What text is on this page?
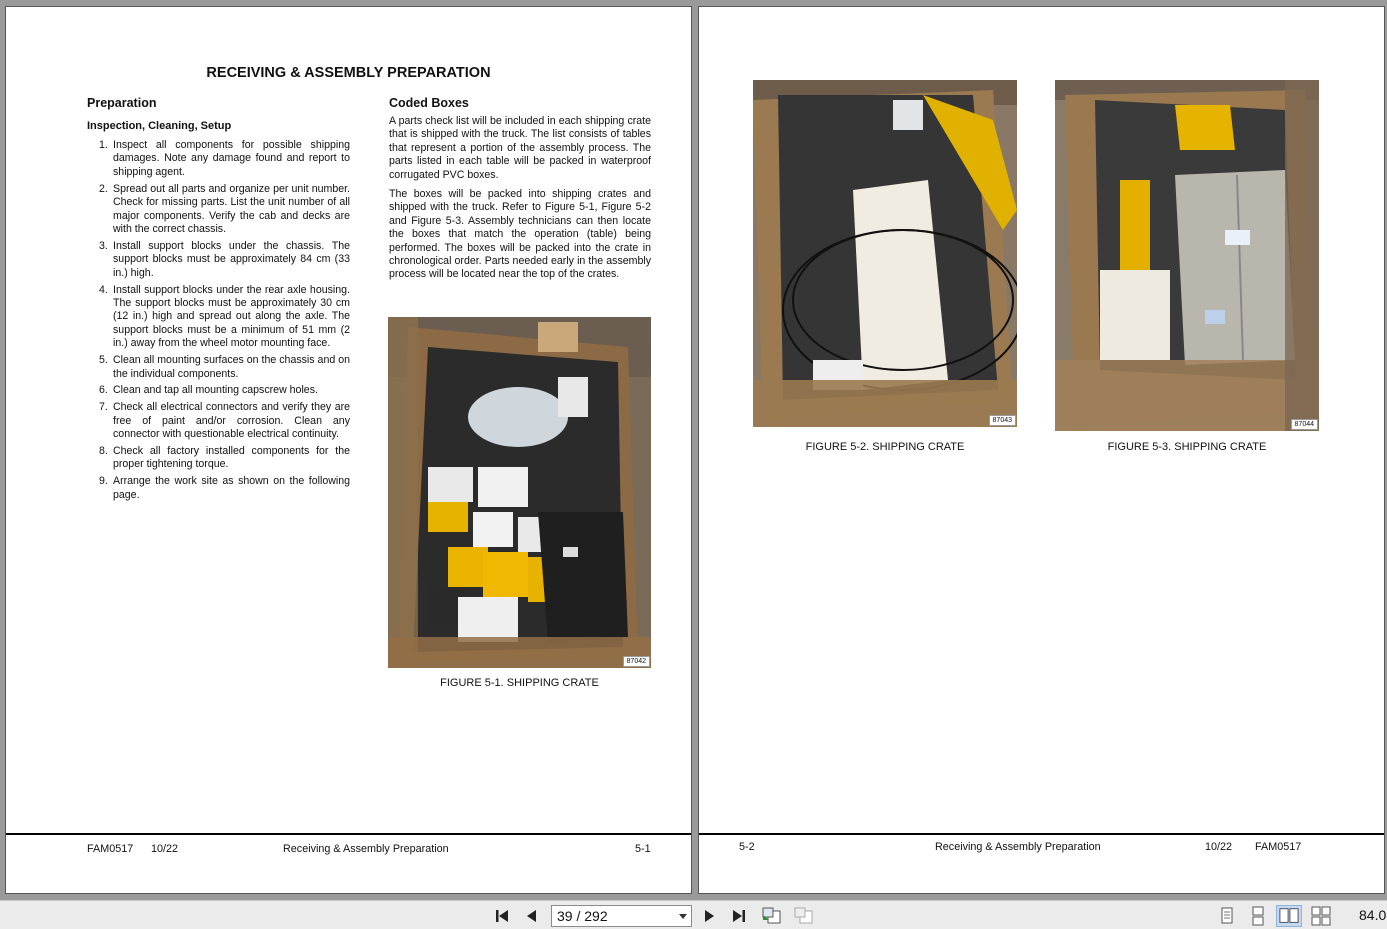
RECEIVING & ASSEMBLY PREPARATION
Preparation
Inspection, Cleaning, Setup
1. Inspect all components for possible shipping damages. Note any damage found and report to shipping agent.
2. Spread out all parts and organize per unit number. Check for missing parts. List the unit number of all major components. Verify the cab and decks are with the correct chassis.
3. Install support blocks under the chassis. The support blocks must be approximately 84 cm (33 in.) high.
4. Install support blocks under the rear axle housing. The support blocks must be approximately 30 cm (12 in.) high and spread out along the axle. The support blocks must be a minimum of 51 mm (2 in.) away from the wheel motor mounting face.
5. Clean all mounting surfaces on the chassis and on the individual components.
6. Clean and tap all mounting capscrew holes.
7. Check all electrical connectors and verify they are free of paint and/or corrosion. Clean any connector with questionable electrical continuity.
8. Check all factory installed components for the proper tightening torque.
9. Arrange the work site as shown on the following page.
Coded Boxes

A parts check list will be included in each shipping crate that is shipped with the truck. The list consists of tables that represent a portion of the assembly process. The parts listed in each table will be packed in waterproof corrugated PVC boxes.

The boxes will be packed into shipping crates and shipped with the truck. Refer to Figure 5-1, Figure 5-2 and Figure 5-3. Assembly technicians can then locate the boxes that match the operation (table) being performed. The boxes will be packed into the crate in chronological order. Parts needed early in the assembly process will be located near the top of the crates.

87042
FIGURE 5-1. SHIPPING CRATE
FAM0517 10/22	Receiving & Assembly Preparation	5-1
87043
FIGURE 5-2. SHIPPING CRATE
87044
FIGURE 5-3. SHIPPING CRATE
5-2	Receiving & Assembly Preparation	10/22 FAM0517
39 / 292	84.0
